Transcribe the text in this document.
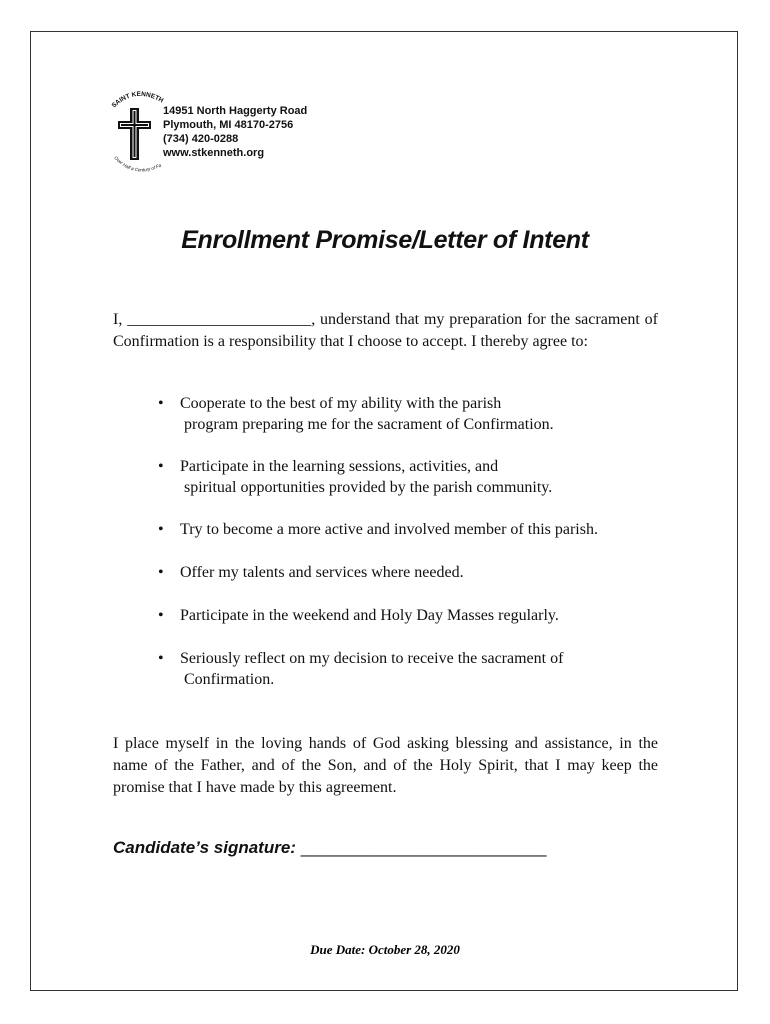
SAINT KENNETH
Over Half a Century of Fa
14951 North Haggerty Road
Plymouth, MI 48170-2756
(734) 420-0288
www.stkenneth.org
Enrollment Promise/Letter of Intent
I, _______________________, understand that my preparation for the sacrament of Confirmation is a responsibility that I choose to accept. I thereby agree to:
• Cooperate to the best of my ability with the parish
program preparing me for the sacrament of Confirmation.
• Participate in the learning sessions, activities, and
spiritual opportunities provided by the parish community.
• Try to become a more active and involved member of this parish.
• Offer my talents and services where needed.
• Participate in the weekend and Holy Day Masses regularly.
• Seriously reflect on my decision to receive the sacrament of
Confirmation.
I place myself in the loving hands of God asking blessing and assistance, in the name of the Father, and of the Son, and of the Holy Spirit, that I may keep the promise that I have made by this agreement.
Candidate’s signature: __________________________
Due Date: October 28, 2020
